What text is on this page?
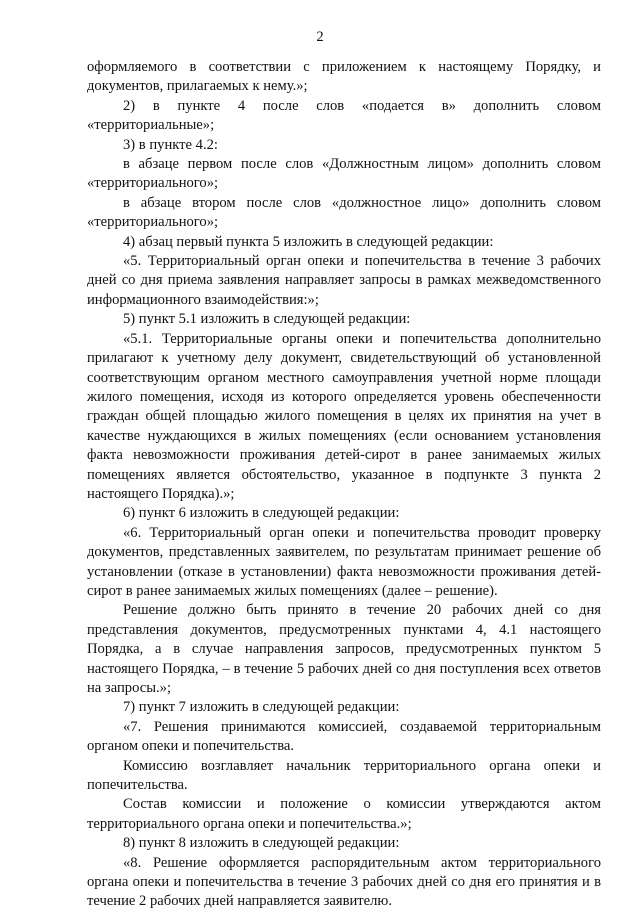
2

оформляемого в соответствии с приложением к настоящему Порядку, и документов, прилагаемых к нему.»;

2) в пункте 4 после слов «подается в» дополнить словом «территориальные»;

3) в пункте 4.2:

в абзаце первом после слов «Должностным лицом» дополнить словом «территориального»;

в абзаце втором после слов «должностное лицо» дополнить словом «территориального»;

4) абзац первый пункта 5 изложить в следующей редакции:

«5. Территориальный орган опеки и попечительства в течение 3 рабочих дней со дня приема заявления направляет запросы в рамках межведомственного информационного взаимодействия:»;

5) пункт 5.1 изложить в следующей редакции:

«5.1. Территориальные органы опеки и попечительства дополнительно прилагают к учетному делу документ, свидетельствующий об установленной соответствующим органом местного самоуправления учетной норме площади жилого помещения, исходя из которого определяется уровень обеспеченности граждан общей площадью жилого помещения в целях их принятия на учет в качестве нуждающихся в жилых помещениях (если основанием установления факта невозможности проживания детей-сирот в ранее занимаемых жилых помещениях является обстоятельство, указанное в подпункте 3 пункта 2 настоящего Порядка).»;

6) пункт 6 изложить в следующей редакции:

«6. Территориальный орган опеки и попечительства проводит проверку документов, представленных заявителем, по результатам принимает решение об установлении (отказе в установлении) факта невозможности проживания детей-сирот в ранее занимаемых жилых помещениях (далее – решение).

Решение должно быть принято в течение 20 рабочих дней со дня представления документов, предусмотренных пунктами 4, 4.1 настоящего Порядка, а в случае направления запросов, предусмотренных пунктом 5 настоящего Порядка, – в течение 5 рабочих дней со дня поступления всех ответов на запросы.»;

7) пункт 7 изложить в следующей редакции:

«7. Решения принимаются комиссией, создаваемой территориальным органом опеки и попечительства.

Комиссию возглавляет начальник территориального органа опеки и попечительства.

Состав комиссии и положение о комиссии утверждаются актом территориального органа опеки и попечительства.»;

8) пункт 8 изложить в следующей редакции:

«8. Решение оформляется распорядительным актом территориального органа опеки и попечительства в течение 3 рабочих дней со дня его принятия и в течение 2 рабочих дней направляется заявителю.
